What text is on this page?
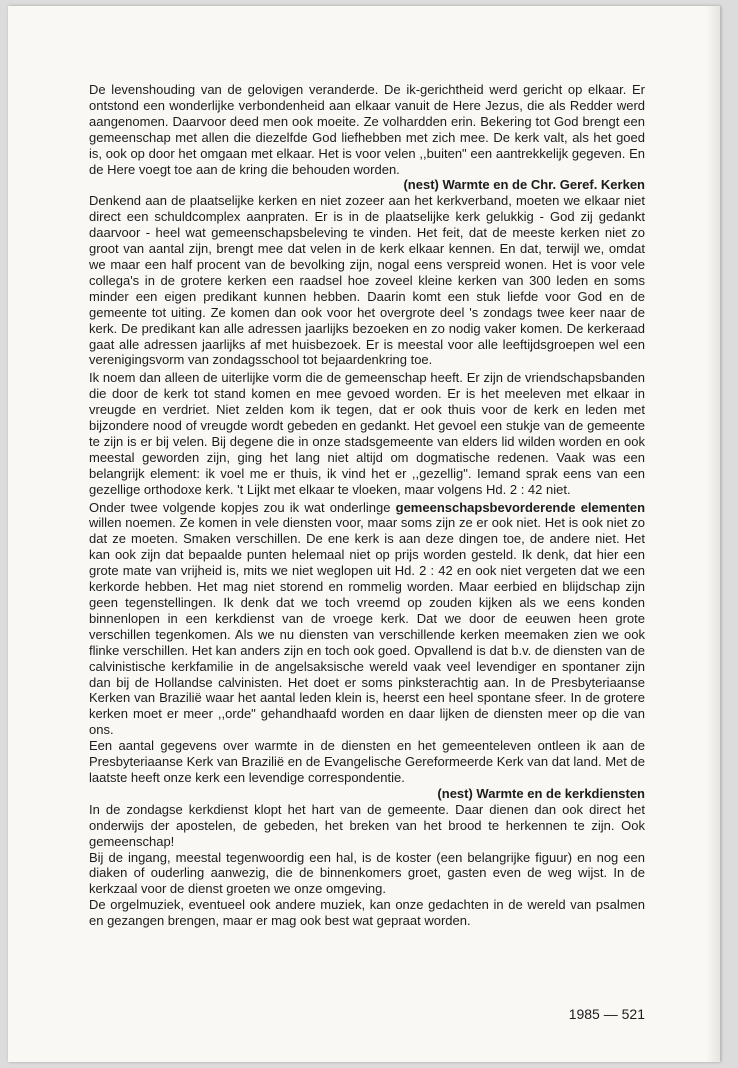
De levenshouding van de gelovigen veranderde. De ik-gerichtheid werd gericht op elkaar. Er ontstond een wonderlijke verbondenheid aan elkaar vanuit de Here Jezus, die als Redder werd aangenomen. Daarvoor deed men ook moeite. Ze volhardden erin. Bekering tot God brengt een gemeenschap met allen die diezelfde God liefhebben met zich mee. De kerk valt, als het goed is, ook op door het omgaan met elkaar. Het is voor velen ,,buiten" een aantrekkelijk gegeven. En de Here voegt toe aan de kring die behouden worden.

(nest) Warmte en de Chr. Geref. Kerken

Denkend aan de plaatselijke kerken en niet zozeer aan het kerkverband, moeten we elkaar niet direct een schuldcomplex aanpraten. Er is in de plaatselijke kerk gelukkig - God zij gedankt daarvoor - heel wat gemeenschapsbeleving te vinden. Het feit, dat de meeste kerken niet zo groot van aantal zijn, brengt mee dat velen in de kerk elkaar kennen. En dat, terwijl we, omdat we maar een half procent van de bevolking zijn, nogal eens verspreid wonen. Het is voor vele collega's in de grotere kerken een raadsel hoe zoveel kleine kerken van 300 leden en soms minder een eigen predikant kunnen hebben. Daarin komt een stuk liefde voor God en de gemeente tot uiting. Ze komen dan ook voor het overgrote deel 's zondags twee keer naar de kerk. De predikant kan alle adressen jaarlijks bezoeken en zo nodig vaker komen. De kerkeraad gaat alle adressen jaarlijks af met huisbezoek. Er is meestal voor alle leeftijdsgroepen wel een verenigingsvorm van zondagsschool tot bejaardenkring toe.

Ik noem dan alleen de uiterlijke vorm die de gemeenschap heeft. Er zijn de vriendschapsbanden die door de kerk tot stand komen en mee gevoed worden. Er is het meeleven met elkaar in vreugde en verdriet. Niet zelden kom ik tegen, dat er ook thuis voor de kerk en leden met bijzondere nood of vreugde wordt gebeden en gedankt. Het gevoel een stukje van de gemeente te zijn is er bij velen. Bij degene die in onze stadsgemeente van elders lid wilden worden en ook meestal geworden zijn, ging het lang niet altijd om dogmatische redenen. Vaak was een belangrijk element: ik voel me er thuis, ik vind het er ,,gezellig". Iemand sprak eens van een gezellige orthodoxe kerk. 't Lijkt met elkaar te vloeken, maar volgens Hd. 2 : 42 niet.

Onder twee volgende kopjes zou ik wat onderlinge gemeenschapsbevorderende elementen willen noemen. Ze komen in vele diensten voor, maar soms zijn ze er ook niet. Het is ook niet zo dat ze moeten. Smaken verschillen. De ene kerk is aan deze dingen toe, de andere niet. Het kan ook zijn dat bepaalde punten helemaal niet op prijs worden gesteld. Ik denk, dat hier een grote mate van vrijheid is, mits we niet weglopen uit Hd. 2 : 42 en ook niet vergeten dat we een kerkorde hebben. Het mag niet storend en rommelig worden. Maar eerbied en blijdschap zijn geen tegenstellingen. Ik denk dat we toch vreemd op zouden kijken als we eens konden binnenlopen in een kerkdienst van de vroege kerk. Dat we door de eeuwen heen grote verschillen tegenkomen. Als we nu diensten van verschillende kerken meemaken zien we ook flinke verschillen. Het kan anders zijn en toch ook goed. Opvallend is dat b.v. de diensten van de calvinistische kerkfamilie in de angelsaksische wereld vaak veel levendiger en spontaner zijn dan bij de Hollandse calvinisten. Het doet er soms pinksterachtig aan. In de Presbyteriaanse Kerken van Brazilië waar het aantal leden klein is, heerst een heel spontane sfeer. In de grotere kerken moet er meer ,,orde" gehandhaafd worden en daar lijken de diensten meer op die van ons.

Een aantal gegevens over warmte in de diensten en het gemeenteleven ontleen ik aan de Presbyteriaanse Kerk van Brazilië en de Evangelische Gereformeerde Kerk van dat land. Met de laatste heeft onze kerk een levendige correspondentie.

(nest) Warmte en de kerkdiensten

In de zondagse kerkdienst klopt het hart van de gemeente. Daar dienen dan ook direct het onderwijs der apostelen, de gebeden, het breken van het brood te herkennen te zijn. Ook gemeenschap!

Bij de ingang, meestal tegenwoordig een hal, is de koster (een belangrijke figuur) en nog een diaken of ouderling aanwezig, die de binnenkomers groet, gasten even de weg wijst. In de kerkzaal voor de dienst groeten we onze omgeving.

De orgelmuziek, eventueel ook andere muziek, kan onze gedachten in de wereld van psalmen en gezangen brengen, maar er mag ook best wat gepraat worden.

1985 — 521
